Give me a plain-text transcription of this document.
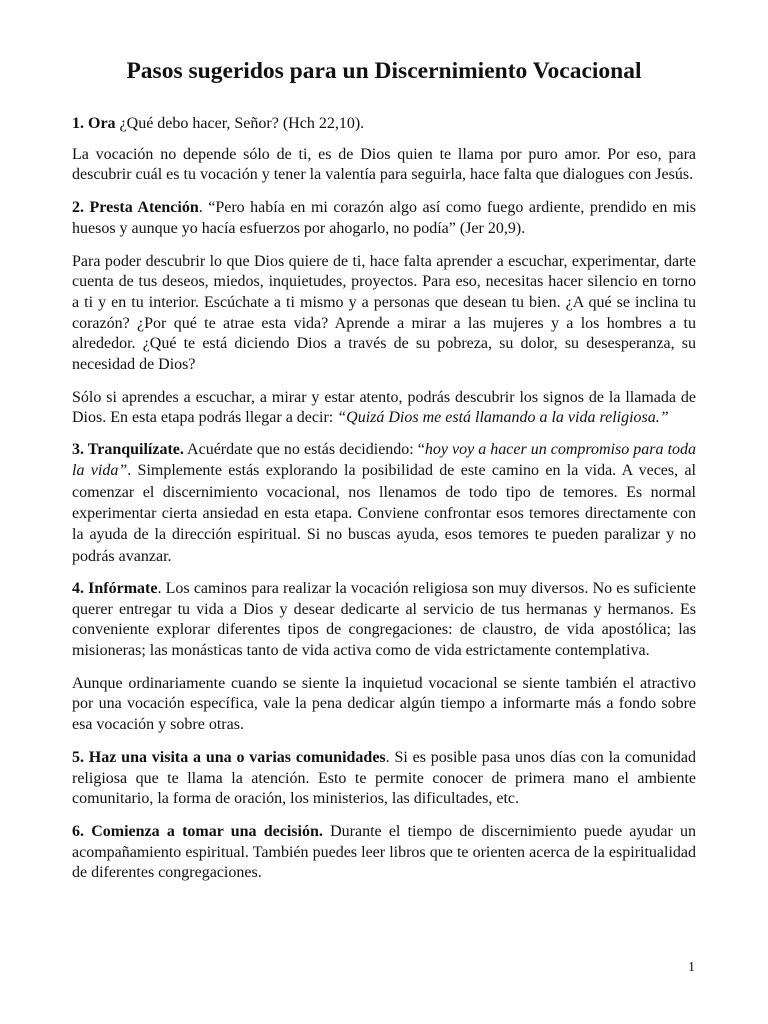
Pasos sugeridos para un Discernimiento Vocacional

1. Ora ¿Qué debo hacer, Señor? (Hch 22,10).

La vocación no depende sólo de ti, es de Dios quien te llama por puro amor. Por eso, para descubrir cuál es tu vocación y tener la valentía para seguirla, hace falta que dialogues con Jesús.

2. Presta Atención. “Pero había en mi corazón algo así como fuego ardiente, prendido en mis huesos y aunque yo hacía esfuerzos por ahogarlo, no podía” (Jer 20,9).

Para poder descubrir lo que Dios quiere de ti, hace falta aprender a escuchar, experimentar, darte cuenta de tus deseos, miedos, inquietudes, proyectos. Para eso, necesitas hacer silencio en torno a ti y en tu interior. Escúchate a ti mismo y a personas que desean tu bien. ¿A qué se inclina tu corazón? ¿Por qué te atrae esta vida? Aprende a mirar a las mujeres y a los hombres a tu alrededor. ¿Qué te está diciendo Dios a través de su pobreza, su dolor, su desesperanza, su necesidad de Dios?

Sólo si aprendes a escuchar, a mirar y estar atento, podrás descubrir los signos de la llamada de Dios. En esta etapa podrás llegar a decir: “Quizá Dios me está llamando a la vida religiosa.”

3. Tranquilízate. Acuérdate que no estás decidiendo: “hoy voy a hacer un compromiso para toda la vida”. Simplemente estás explorando la posibilidad de este camino en la vida. A veces, al comenzar el discernimiento vocacional, nos llenamos de todo tipo de temores. Es normal experimentar cierta ansiedad en esta etapa. Conviene confrontar esos temores directamente con la ayuda de la dirección espiritual. Si no buscas ayuda, esos temores te pueden paralizar y no podrás avanzar.

4. Infórmate. Los caminos para realizar la vocación religiosa son muy diversos. No es suficiente querer entregar tu vida a Dios y desear dedicarte al servicio de tus hermanas y hermanos. Es conveniente explorar diferentes tipos de congregaciones: de claustro, de vida apostólica; las misioneras; las monásticas tanto de vida activa como de vida estrictamente contemplativa.

Aunque ordinariamente cuando se siente la inquietud vocacional se siente también el atractivo por una vocación específica, vale la pena dedicar algún tiempo a informarte más a fondo sobre esa vocación y sobre otras.

5. Haz una visita a una o varias comunidades. Si es posible pasa unos días con la comunidad religiosa que te llama la atención. Esto te permite conocer de primera mano el ambiente comunitario, la forma de oración, los ministerios, las dificultades, etc.

6. Comienza a tomar una decisión. Durante el tiempo de discernimiento puede ayudar un acompañamiento espiritual. También puedes leer libros que te orienten acerca de la espiritualidad de diferentes congregaciones.

1
